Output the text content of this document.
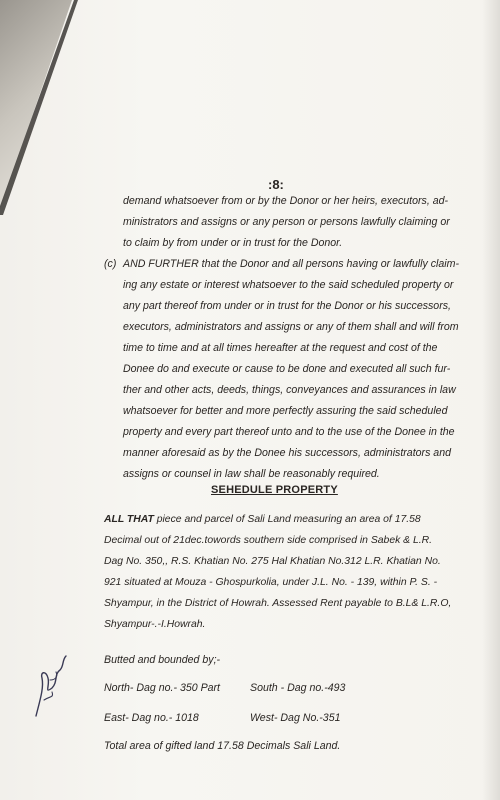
:8:
demand whatsoever from or by the Donor or her heirs, executors, ad-
ministrators and assigns or any person or persons lawfully claiming or
to claim by from under or in trust for the Donor.
(c) AND FURTHER that the Donor and all persons having or lawfully claim-
ing any estate or interest whatsoever to the said scheduled property or
any part thereof from under or in trust for the Donor or his successors,
executors, administrators and assigns or any of them shall and will from
time to time and at all times hereafter at the request and cost of the
Donee do and execute or cause to be done and executed all such fur-
ther and other acts, deeds, things, conveyances and assurances in law
whatsoever for better and more perfectly assuring the said scheduled
property and every part thereof unto and to the use of the Donee in the
manner aforesaid as by the Donee his successors, administrators and
assigns or counsel in law shall be reasonably required.
SEHEDULE PROPERTY
ALL THAT piece and parcel of Sali Land measuring an area of 17.58
Decimal out of 21dec.towords southern side comprised in Sabek & L.R.
Dag No. 350,, R.S. Khatian No. 275 Hal Khatian No.312 L.R. Khatian No.
921 situated at Mouza - Ghospurkolia, under J.L. No. - 139, within P. S. -
Shyampur, in the District of Howrah. Assessed Rent payable to B.L& L.R.O,
Shyampur-.-I.Howrah.
Butted and bounded by;-
North- Dag no.- 350 Part	South - Dag no.-493
East- Dag no.- 1018	West- Dag No.-351
Total area of gifted land 17.58 Decimals Sali Land.
